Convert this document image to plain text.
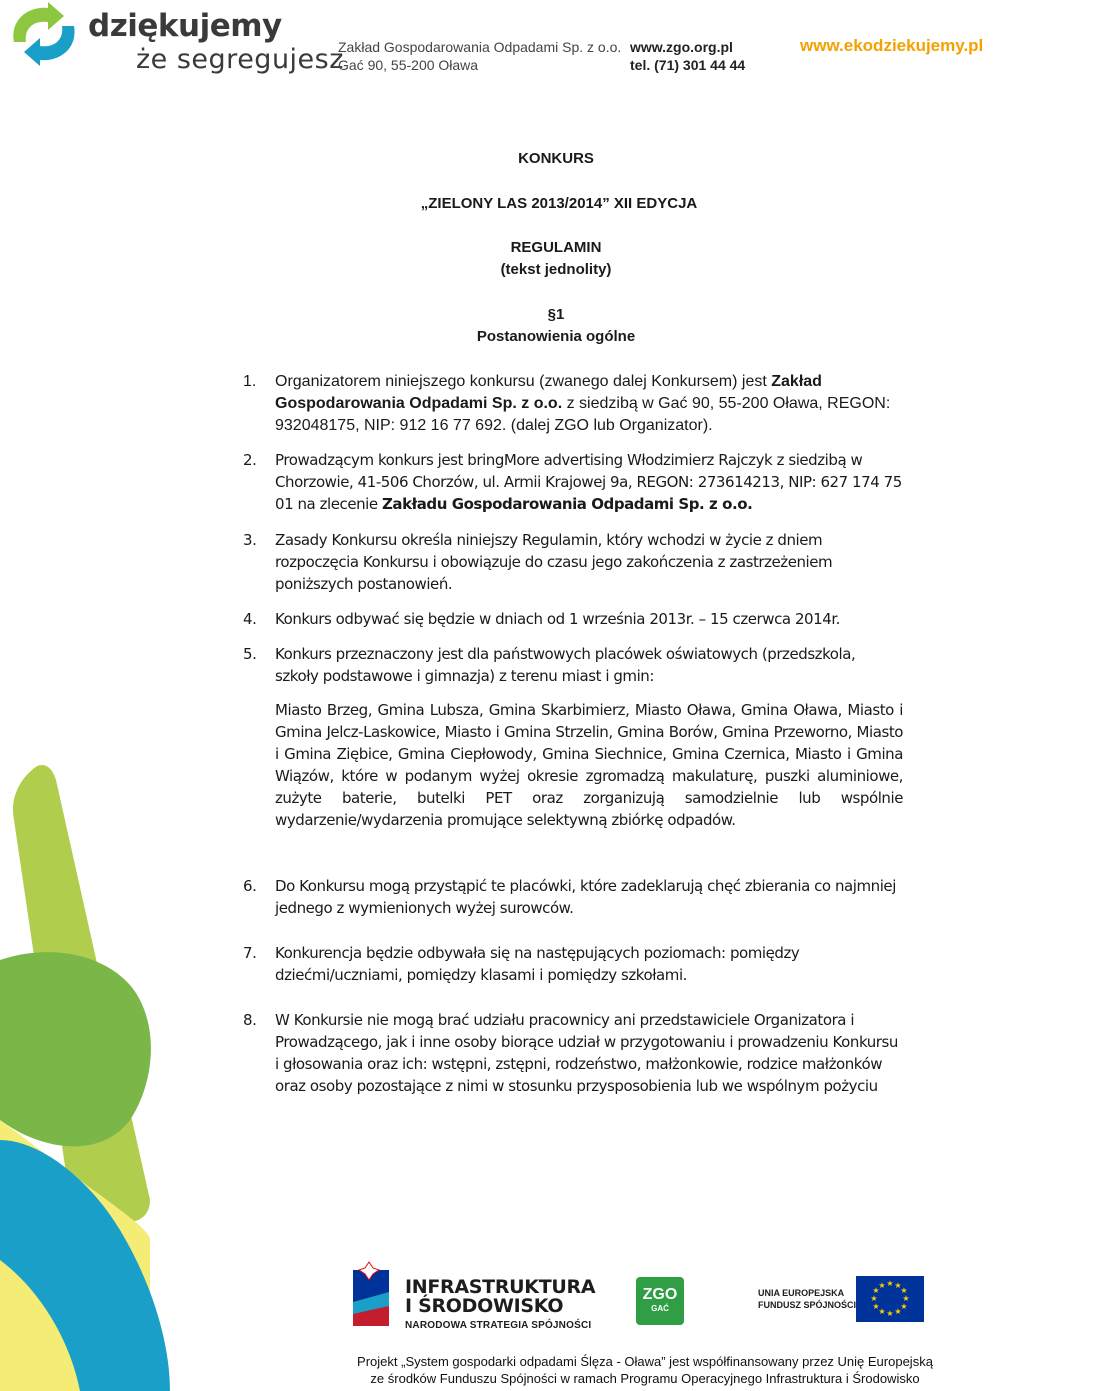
dziękujemy
że segregujesz
Zakład Gospodarowania Odpadami Sp. z o.o.
Gać 90, 55-200 Oława
www.zgo.org.pl
tel. (71) 301 44 44
www.ekodziekujemy.pl
KONKURS
„ZIELONY LAS 2013/2014” XII EDYCJA
REGULAMIN
(tekst jednolity)
§1
Postanowienia ogólne
1. Organizatorem niniejszego konkursu (zwanego dalej Konkursem) jest Zakład Gospodarowania Odpadami Sp. z o.o. z siedzibą w Gać 90, 55-200 Oława, REGON: 932048175, NIP: 912 16 77 692. (dalej ZGO lub Organizator).
2. Prowadzącym konkurs jest bringMore advertising Włodzimierz Rajczyk z siedzibą w Chorzowie, 41-506 Chorzów, ul. Armii Krajowej 9a, REGON: 273614213, NIP: 627 174 75 01 na zlecenie Zakładu Gospodarowania Odpadami Sp. z o.o.
3. Zasady Konkursu określa niniejszy Regulamin, który wchodzi w życie z dniem rozpoczęcia Konkursu i obowiązuje do czasu jego zakończenia z zastrzeżeniem poniższych postanowień.
4. Konkurs odbywać się będzie w dniach od 1 września 2013r. – 15 czerwca 2014r.
5. Konkurs przeznaczony jest dla państwowych placówek oświatowych (przedszkola, szkoły podstawowe i gimnazja) z terenu miast i gmin:
Miasto Brzeg, Gmina Lubsza, Gmina Skarbimierz, Miasto Oława, Gmina Oława, Miasto i Gmina Jelcz-Laskowice, Miasto i Gmina Strzelin, Gmina Borów, Gmina Przeworno, Miasto i Gmina Ziębice, Gmina Ciepłowody, Gmina Siechnice, Gmina Czernica, Miasto i Gmina Wiązów, które w podanym wyżej okresie zgromadzą makulaturę, puszki aluminiowe, zużyte baterie, butelki PET oraz zorganizują samodzielnie lub wspólnie wydarzenie/wydarzenia promujące selektywną zbiórkę odpadów.
6. Do Konkursu mogą przystąpić te placówki, które zadeklarują chęć zbierania co najmniej jednego z wymienionych wyżej surowców.
7. Konkurencja będzie odbywała się na następujących poziomach: pomiędzy dziećmi/uczniami, pomiędzy klasami i pomiędzy szkołami.
8. W Konkursie nie mogą brać udziału pracownicy ani przedstawiciele Organizatora i Prowadzącego, jak i inne osoby biorące udział w przygotowaniu i prowadzeniu Konkursu i głosowania oraz ich: wstępni, zstępni, rodzeństwo, małżonkowie, rodzice małżonków oraz osoby pozostające z nimi w stosunku przysposobienia lub we wspólnym pożyciu
INFRASTRUKTURA
I ŚRODOWISKO
NARODOWA STRATEGIA SPÓJNOŚCI
ZGO
GAĆ
UNIA EUROPEJSKA
FUNDUSZ SPÓJNOŚCI
★ ★
★
★
★
★
★
★
★
★
★
★
Projekt „System gospodarki odpadami Ślęza - Oława” jest współfinansowany przez Unię Europejską
ze środków Funduszu Spójności w ramach Programu Operacyjnego Infrastruktura i Środowisko
